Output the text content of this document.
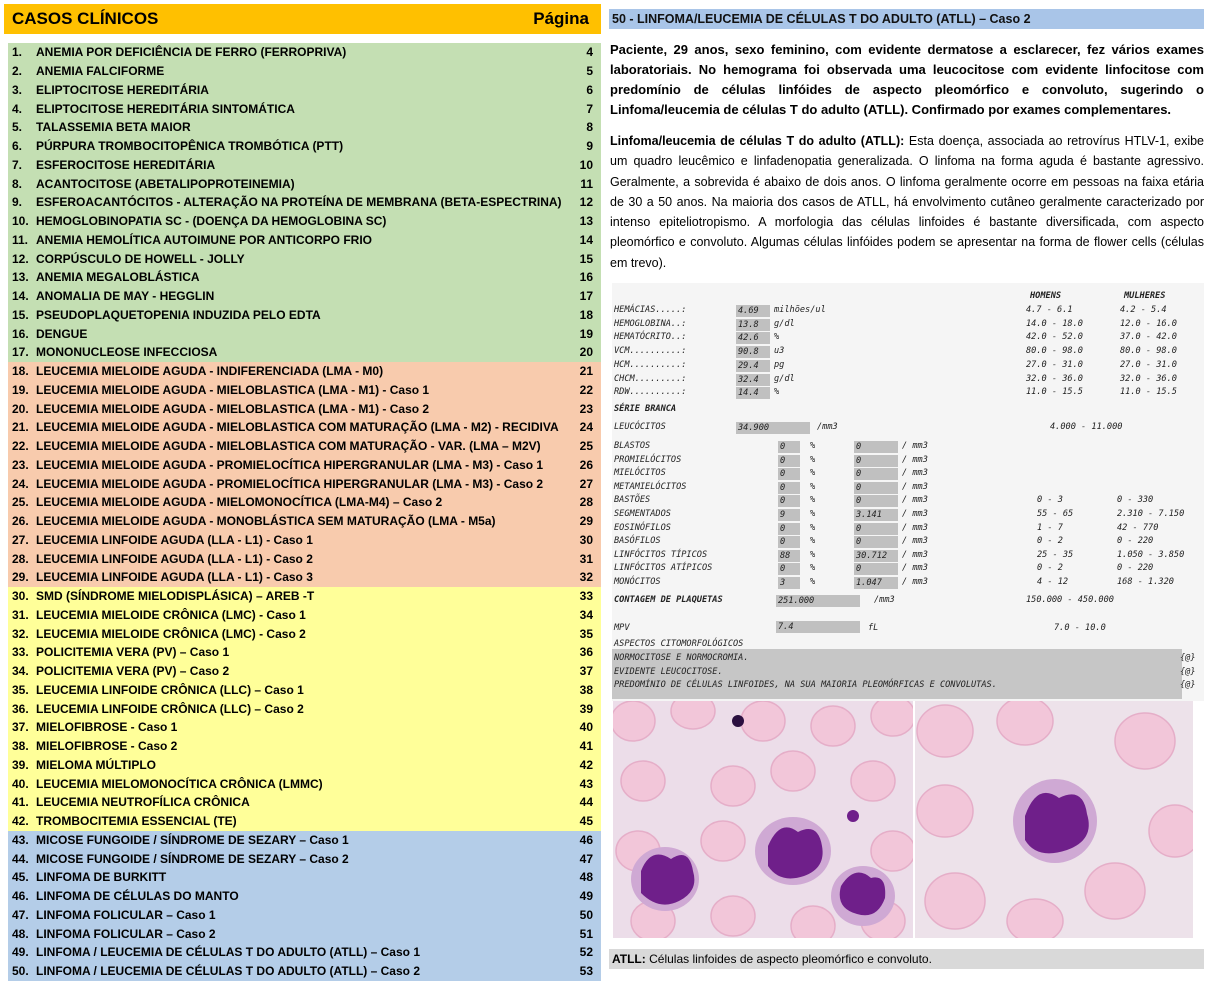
CASOS CLÍNICOS	Página
1.	ANEMIA POR DEFICIÊNCIA DE FERRO (FERROPRIVA)	4
2.	ANEMIA FALCIFORME	5
3.	ELIPTOCITOSE HEREDITÁRIA	6
4.	ELIPTOCITOSE HEREDITÁRIA SINTOMÁTICA	7
5.	TALASSEMIA BETA MAIOR	8
6.	PÚRPURA TROMBOCITOPÊNICA TROMBÓTICA (PTT)	9
7.	ESFEROCITOSE HEREDITÁRIA	10
8.	ACANTOCITOSE (ABETALIPOPROTEINEMIA)	11
9.	ESFEROACANTÓCITOS - ALTERAÇÃO NA PROTEÍNA DE MEMBRANA (BETA-ESPECTRINA)	12
10. HEMOGLOBINOPATIA SC - (DOENÇA DA HEMOGLOBINA SC)	13
11. ANEMIA HEMOLÍTICA AUTOIMUNE POR ANTICORPO FRIO	14
12. CORPÚSCULO DE HOWELL - JOLLY	15
13. ANEMIA MEGALOBLÁSTICA	16
14. ANOMALIA DE MAY - HEGGLIN	17
15. PSEUDOPLAQUETOPENIA INDUZIDA PELO EDTA	18
16. DENGUE	19
17. MONONUCLEOSE INFECCIOSA	20
18. LEUCEMIA MIELOIDE AGUDA - INDIFERENCIADA (LMA - M0)	21
19. LEUCEMIA MIELOIDE AGUDA - MIELOBLASTICA (LMA - M1) - Caso 1	22
20. LEUCEMIA MIELOIDE AGUDA - MIELOBLASTICA (LMA - M1) - Caso 2	23
21. LEUCEMIA MIELOIDE AGUDA - MIELOBLASTICA COM MATURAÇÃO (LMA - M2) - RECIDIVA	24
22. LEUCEMIA MIELOIDE AGUDA - MIELOBLASTICA COM MATURAÇÃO - VAR. (LMA – M2V)	25
23. LEUCEMIA MIELOIDE AGUDA - PROMIELOCÍTICA HIPERGRANULAR (LMA - M3) - Caso 1	26
24. LEUCEMIA MIELOIDE AGUDA - PROMIELOCÍTICA HIPERGRANULAR (LMA - M3) - Caso 2	27
25. LEUCEMIA MIELOIDE AGUDA - MIELOMONOCÍTICA (LMA-M4) – Caso 2	28
26. LEUCEMIA MIELOIDE AGUDA - MONOBLÁSTICA SEM MATURAÇÃO (LMA - M5a)	29
27. LEUCEMIA LINFOIDE AGUDA (LLA - L1) - Caso 1	30
28. LEUCEMIA LINFOIDE AGUDA (LLA - L1) - Caso 2	31
29. LEUCEMIA LINFOIDE AGUDA (LLA - L1) - Caso 3	32
30. SMD (SÍNDROME MIELODISPLÁSICA) – AREB -T	33
31. LEUCEMIA MIELOIDE CRÔNICA (LMC) - Caso 1	34
32. LEUCEMIA MIELOIDE CRÔNICA (LMC) - Caso 2	35
33. POLICITEMIA VERA (PV) – Caso 1	36
34. POLICITEMIA VERA (PV) – Caso 2	37
35. LEUCEMIA LINFOIDE CRÔNICA (LLC) – Caso 1	38
36. LEUCEMIA LINFOIDE CRÔNICA (LLC) – Caso 2	39
37. MIELOFIBROSE - Caso 1	40
38. MIELOFIBROSE - Caso 2	41
39. MIELOMA MÚLTIPLO	42
40. LEUCEMIA MIELOMONOCÍTICA CRÔNICA (LMMC)	43
41. LEUCEMIA NEUTROFÍLICA CRÔNICA	44
42. TROMBOCITEMIA ESSENCIAL (TE)	45
43. MICOSE FUNGOIDE / SÍNDROME DE SEZARY – Caso 1	46
44. MICOSE FUNGOIDE / SÍNDROME DE SEZARY – Caso 2	47
45. LINFOMA DE BURKITT	48
46. LINFOMA DE CÉLULAS DO MANTO	49
47. LINFOMA FOLICULAR – Caso 1	50
48. LINFOMA FOLICULAR – Caso 2	51
49. LINFOMA / LEUCEMIA DE CÉLULAS T DO ADULTO (ATLL) – Caso 1	52
50. LINFOMA / LEUCEMIA DE CÉLULAS T DO ADULTO (ATLL) – Caso 2	53
50 - LINFOMA/LEUCEMIA DE CÉLULAS T DO ADULTO (ATLL) – Caso 2
Paciente, 29 anos, sexo feminino, com evidente dermatose a esclarecer, fez vários exames laboratoriais. No hemograma foi observada uma leucocitose com evidente linfocitose com predomínio de células linfóides de aspecto pleomórfico e convoluto, sugerindo o Linfoma/leucemia de células T do adulto (ATLL). Confirmado por exames complementares.
Linfoma/leucemia de células T do adulto (ATLL): Esta doença, associada ao retrovírus HTLV-1, exibe um quadro leucêmico e linfadenopatia generalizada. O linfoma na forma aguda é bastante agressivo. Geralmente, a sobrevida é abaixo de dois anos. O linfoma geralmente ocorre em pessoas na faixa etária de 30 a 50 anos. Na maioria dos casos de ATLL, há envolvimento cutâneo geralmente caracterizado por intenso epiteliotropismo. A morfologia das células linfoides é bastante diversificada, com aspecto pleomórfico e convoluto. Algumas células linfóides podem se apresentar na forma de flower cells (células em trevo).
HOMENS	MULHERES
HEMÁCIAS.....:	4.69	milhões/ul	4.7 - 6.1	4.2 - 5.4
HEMOGLOBINA..:	13.8	g/dl	14.0 - 18.0	12.0 - 16.0
HEMATÓCRITO..:	42.6	%	42.0 - 52.0	37.0 - 42.0
VCM..........:	90.8	u3	80.0 - 98.0	80.0 - 98.0
HCM..........:	29.4	pg	27.0 - 31.0	27.0 - 31.0
CHCM.........:	32.4	g/dl	32.0 - 36.0	32.0 - 36.0
RDW..........:	14.4	%	11.0 - 15.5	11.0 - 15.5
SÉRIE BRANCA
LEUCÓCITOS	34.900	/mm3	4.000 - 11.000
BLASTOS	0	%	0	/ mm3
PROMIELÓCITOS	0	%	0	/ mm3
MIELÓCITOS	0	%	0	/ mm3
METAMIELÓCITOS	0	%	0	/ mm3
BASTÕES	0	%	0	/ mm3	0 - 3	0 - 330
SEGMENTADOS	9	%	3.141	/ mm3	55 - 65	2.310 - 7.150
EOSINÓFILOS	0	%	0	/ mm3	1 - 7	42 - 770
BASÓFILOS	0	%	0	/ mm3	0 - 2	0 - 220
LINFÓCITOS TÍPICOS	88	%	30.712	/ mm3	25 - 35	1.050 - 3.850
LINFÓCITOS ATÍPICOS	0	%	0	/ mm3	0 - 2	0 - 220
MONÓCITOS	3	%	1.047	/ mm3	4 - 12	168 - 1.320
CONTAGEM DE PLAQUETAS	251.000	/mm3	150.000 - 450.000
MPV	7.4	fL	7.0 - 10.0
ASPECTOS CITOMORFOLÓGICOS
NORMOCITOSE E NORMOCROMIA.	{@}
EVIDENTE LEUCOCITOSE.	{@}
PREDOMÍNIO DE CÉLULAS LINFOIDES, NA SUA MAIORIA PLEOMÓRFICAS E CONVOLUTAS.	{@}
ATLL: Células linfoides de aspecto pleomórfico e convoluto.
